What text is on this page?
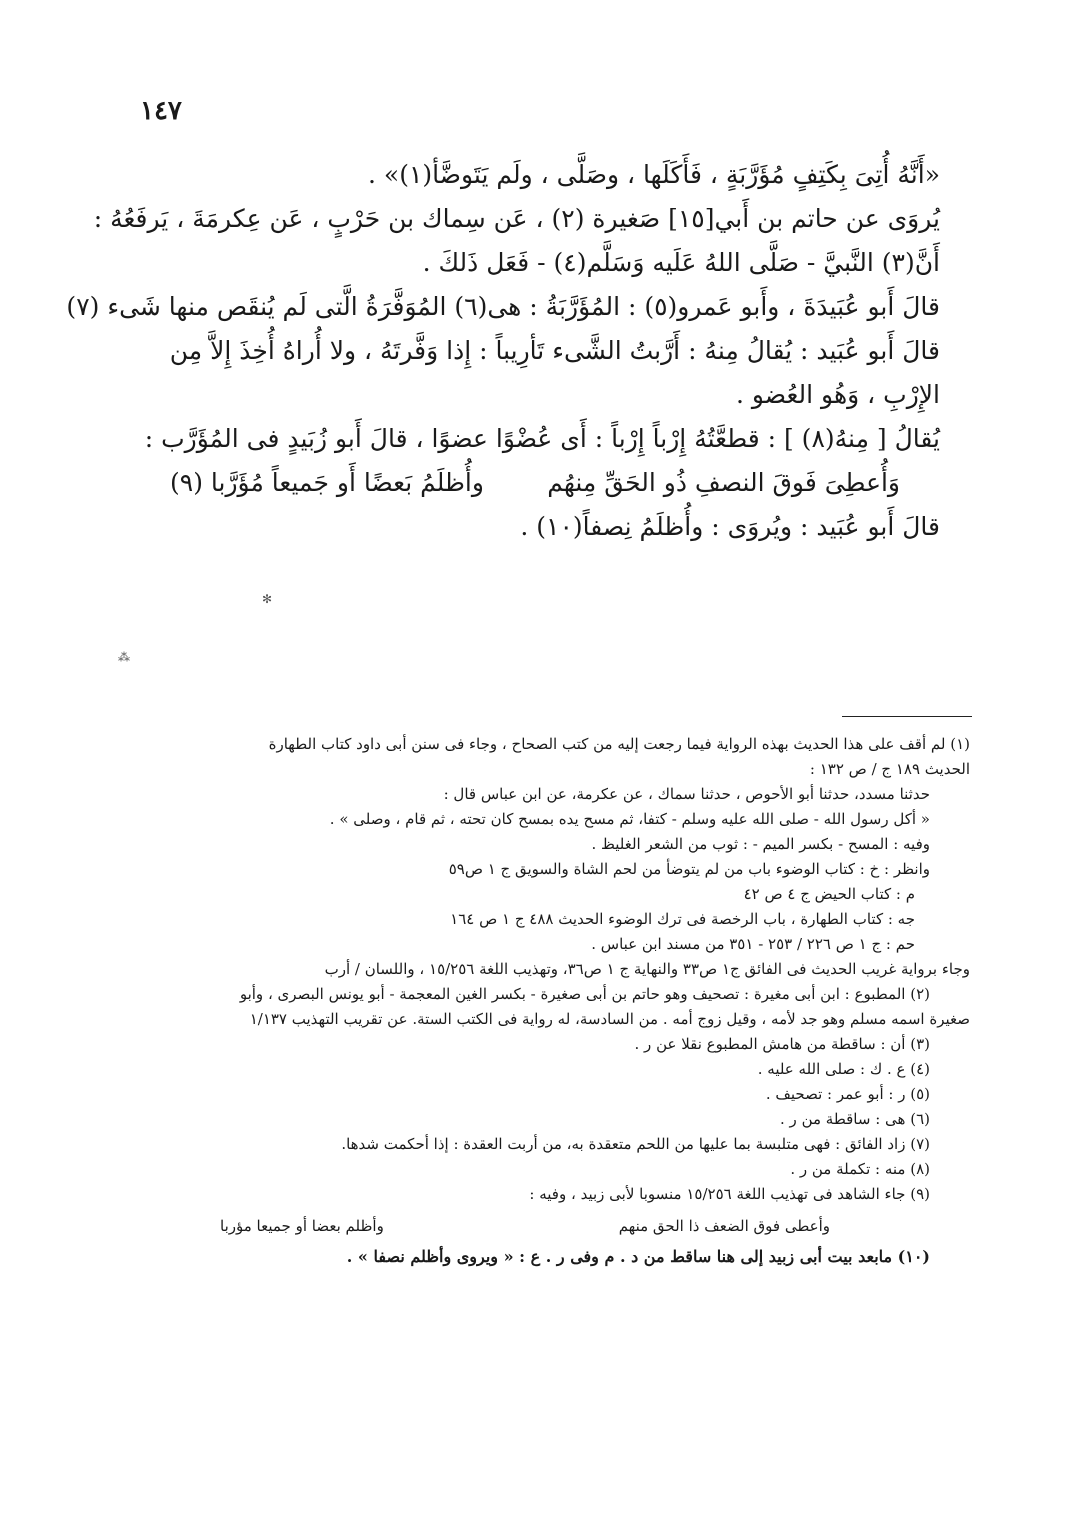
١٤٧
«أَنَّهُ أُتِىَ بِكَتِفٍ مُؤَرَّبَةٍ ، فَأَكَلَها ، وصَلَّى ، ولَم يَتَوضَّأ(١)» .
يُروَى عن حاتم بن أَبي[١٥] صَغيرة (٢) ، عَن سِماك بن حَرْبٍ ، عَن عِكرمَةَ ، يَرفَعُهُ :
أَنَّ(٣) النَّبيَّ - صَلَّى اللهُ عَلَيه وَسَلَّم(٤) - فَعَل ذَلكَ .
قالَ أَبو عُبَيدَةَ ، وأَبو عَمرو(٥) : المُؤَرَّبَةُ : هى(٦) المُوَفَّرَةُ الَّتى لَم يُنقَص منها شَىء (٧)
قالَ أَبو عُبَيد : يُقالُ مِنهُ : أَرَّبتُ الشَّىء تَأرِيباً : إِذا وَفَّرتَهُ ، ولا أُراهُ أُخِذَ إِلاَّ مِن
الإِرْبِ ، وَهُو العُضو .
يُقالُ [ مِنهُ(٨) ] : قطعَّتُهُ إِرْباً إِرْباً : أَى عُضْوًا عضوًا ، قالَ أَبو زُبَيدٍ فى المُؤَرَّب :
وَأُعطِىَ فَوقَ النصفِ ذُو الحَقِّ مِنهُم
وأُظلَمُ بَعضًا أَو جَميعاً مُؤَرَّبا (٩)
قالَ أَبو عُبَيد : ويُروَى : وأُظلَمُ نِصفاً(١٠) .
(١) لم أقف على هذا الحديث بهذه الرواية فيما رجعت إليه من كتب الصحاح ، وجاء فى سنن أبى داود كتاب الطهارة
الحديث ١٨٩ ج / ص ١٣٢ :
حدثنا مسدد، حدثنا أبو الأحوص ، حدثنا سماك ، عن عكرمة، عن ابن عباس قال :
« أكل رسول الله - صلى الله عليه وسلم - كتفا، ثم مسح يده بمسح كان تحته ، ثم قام ، وصلى » .
وفيه : المسح - بكسر الميم - : ثوب من الشعر الغليظ .
وانظر : خ : كتاب الوضوء باب من لم يتوضأ من لحم الشاة والسويق ج ١ ص٥٩
م : كتاب الحيض ج ٤ ص ٤٢
جه : كتاب الطهارة ، باب الرخصة فى ترك الوضوء الحديث ٤٨٨ ج ١ ص ١٦٤
حم : ج ١ ص ٢٢٦ / ٢٥٣ - ٣٥١ من مسند ابن عباس .
وجاء برواية غريب الحديث فى الفائق ج١ ص٣٣ والنهاية ج ١ ص٣٦، وتهذيب اللغة ١٥/٢٥٦ ، واللسان / أرب
(٢) المطبوع : ابن أبى مغيرة : تصحيف وهو حاتم بن أبى صغيرة - بكسر الغين المعجمة - أبو يونس البصرى ، وأبو
صغيرة اسمه مسلم وهو جد لأمه ، وقيل زوج أمه . من السادسة، له رواية فى الكتب الستة. عن تقريب التهذيب ١/١٣٧
(٣) أن : ساقطة من هامش المطبوع نقلا عن ر .
(٤) ع . ك : صلى الله عليه .
(٥) ر : أبو عمر : تصحيف .
(٦) هى : ساقطة من ر .
(٧) زاد الفائق : فهى متلبسة بما عليها من اللحم متعقدة به، من أربت العقدة : إذا أحكمت شدها.
(٨) منه : تكملة من ر .
(٩) جاء الشاهد فى تهذيب اللغة ١٥/٢٥٦ منسوبا لأبى زبيد ، وفيه :
وأعطى فوق الضعف ذا الحق منهم
وأظلم بعضا أو جميعا مؤربا
(١٠) مابعد بيت أبى زبيد إلى هنا ساقط من د . م وفى ر . ع : « ويروى وأظلم نصفا » .
✻
⁂
